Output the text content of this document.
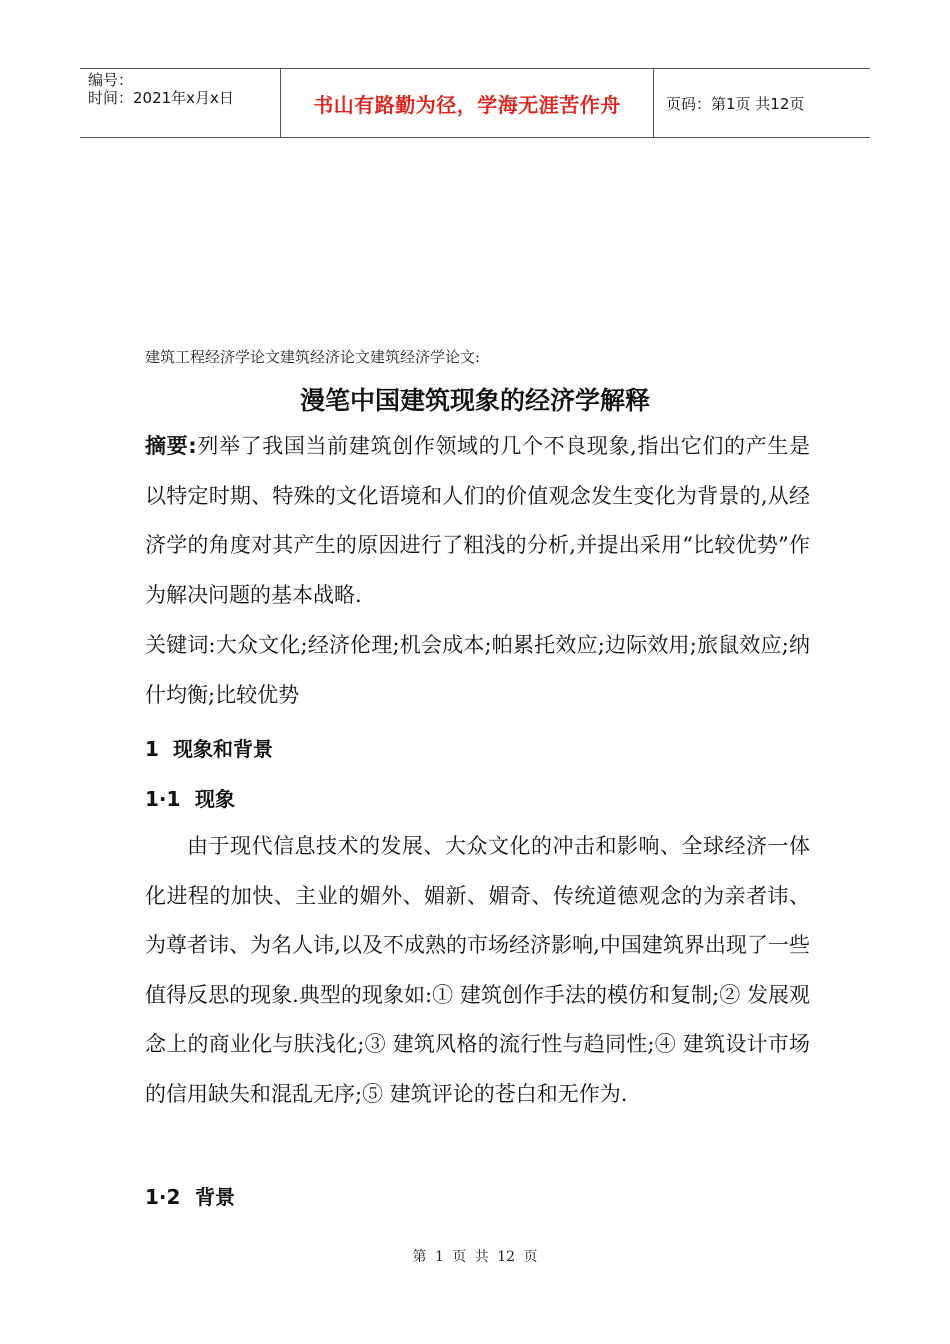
编号：
时间：2021年x月x日	书山有路勤为径，学海无涯苦作舟	页码：第1页 共12页
建筑工程经济学论文建筑经济论文建筑经济学论文:
漫笔中国建筑现象的经济学解释
摘要:列举了我国当前建筑创作领域的几个不良现象,指出它们的产生是以特定时期、特殊的文化语境和人们的价值观念发生变化为背景的,从经济学的角度对其产生的原因进行了粗浅的分析,并提出采用“比较优势”作为解决问题的基本战略.
关键词:大众文化;经济伦理;机会成本;帕累托效应;边际效用;旅鼠效应;纳什均衡;比较优势
1 现象和背景
1·1 现象
由于现代信息技术的发展、大众文化的冲击和影响、全球经济一体化进程的加快、主业的媚外、媚新、媚奇、传统道德观念的为亲者讳、为尊者讳、为名人讳,以及不成熟的市场经济影响,中国建筑界出现了一些值得反思的现象.典型的现象如:① 建筑创作手法的模仿和复制;② 发展观念上的商业化与肤浅化;③ 建筑风格的流行性与趋同性;④ 建筑设计市场的信用缺失和混乱无序;⑤ 建筑评论的苍白和无作为.
1·2 背景
第 1 页 共 12 页
